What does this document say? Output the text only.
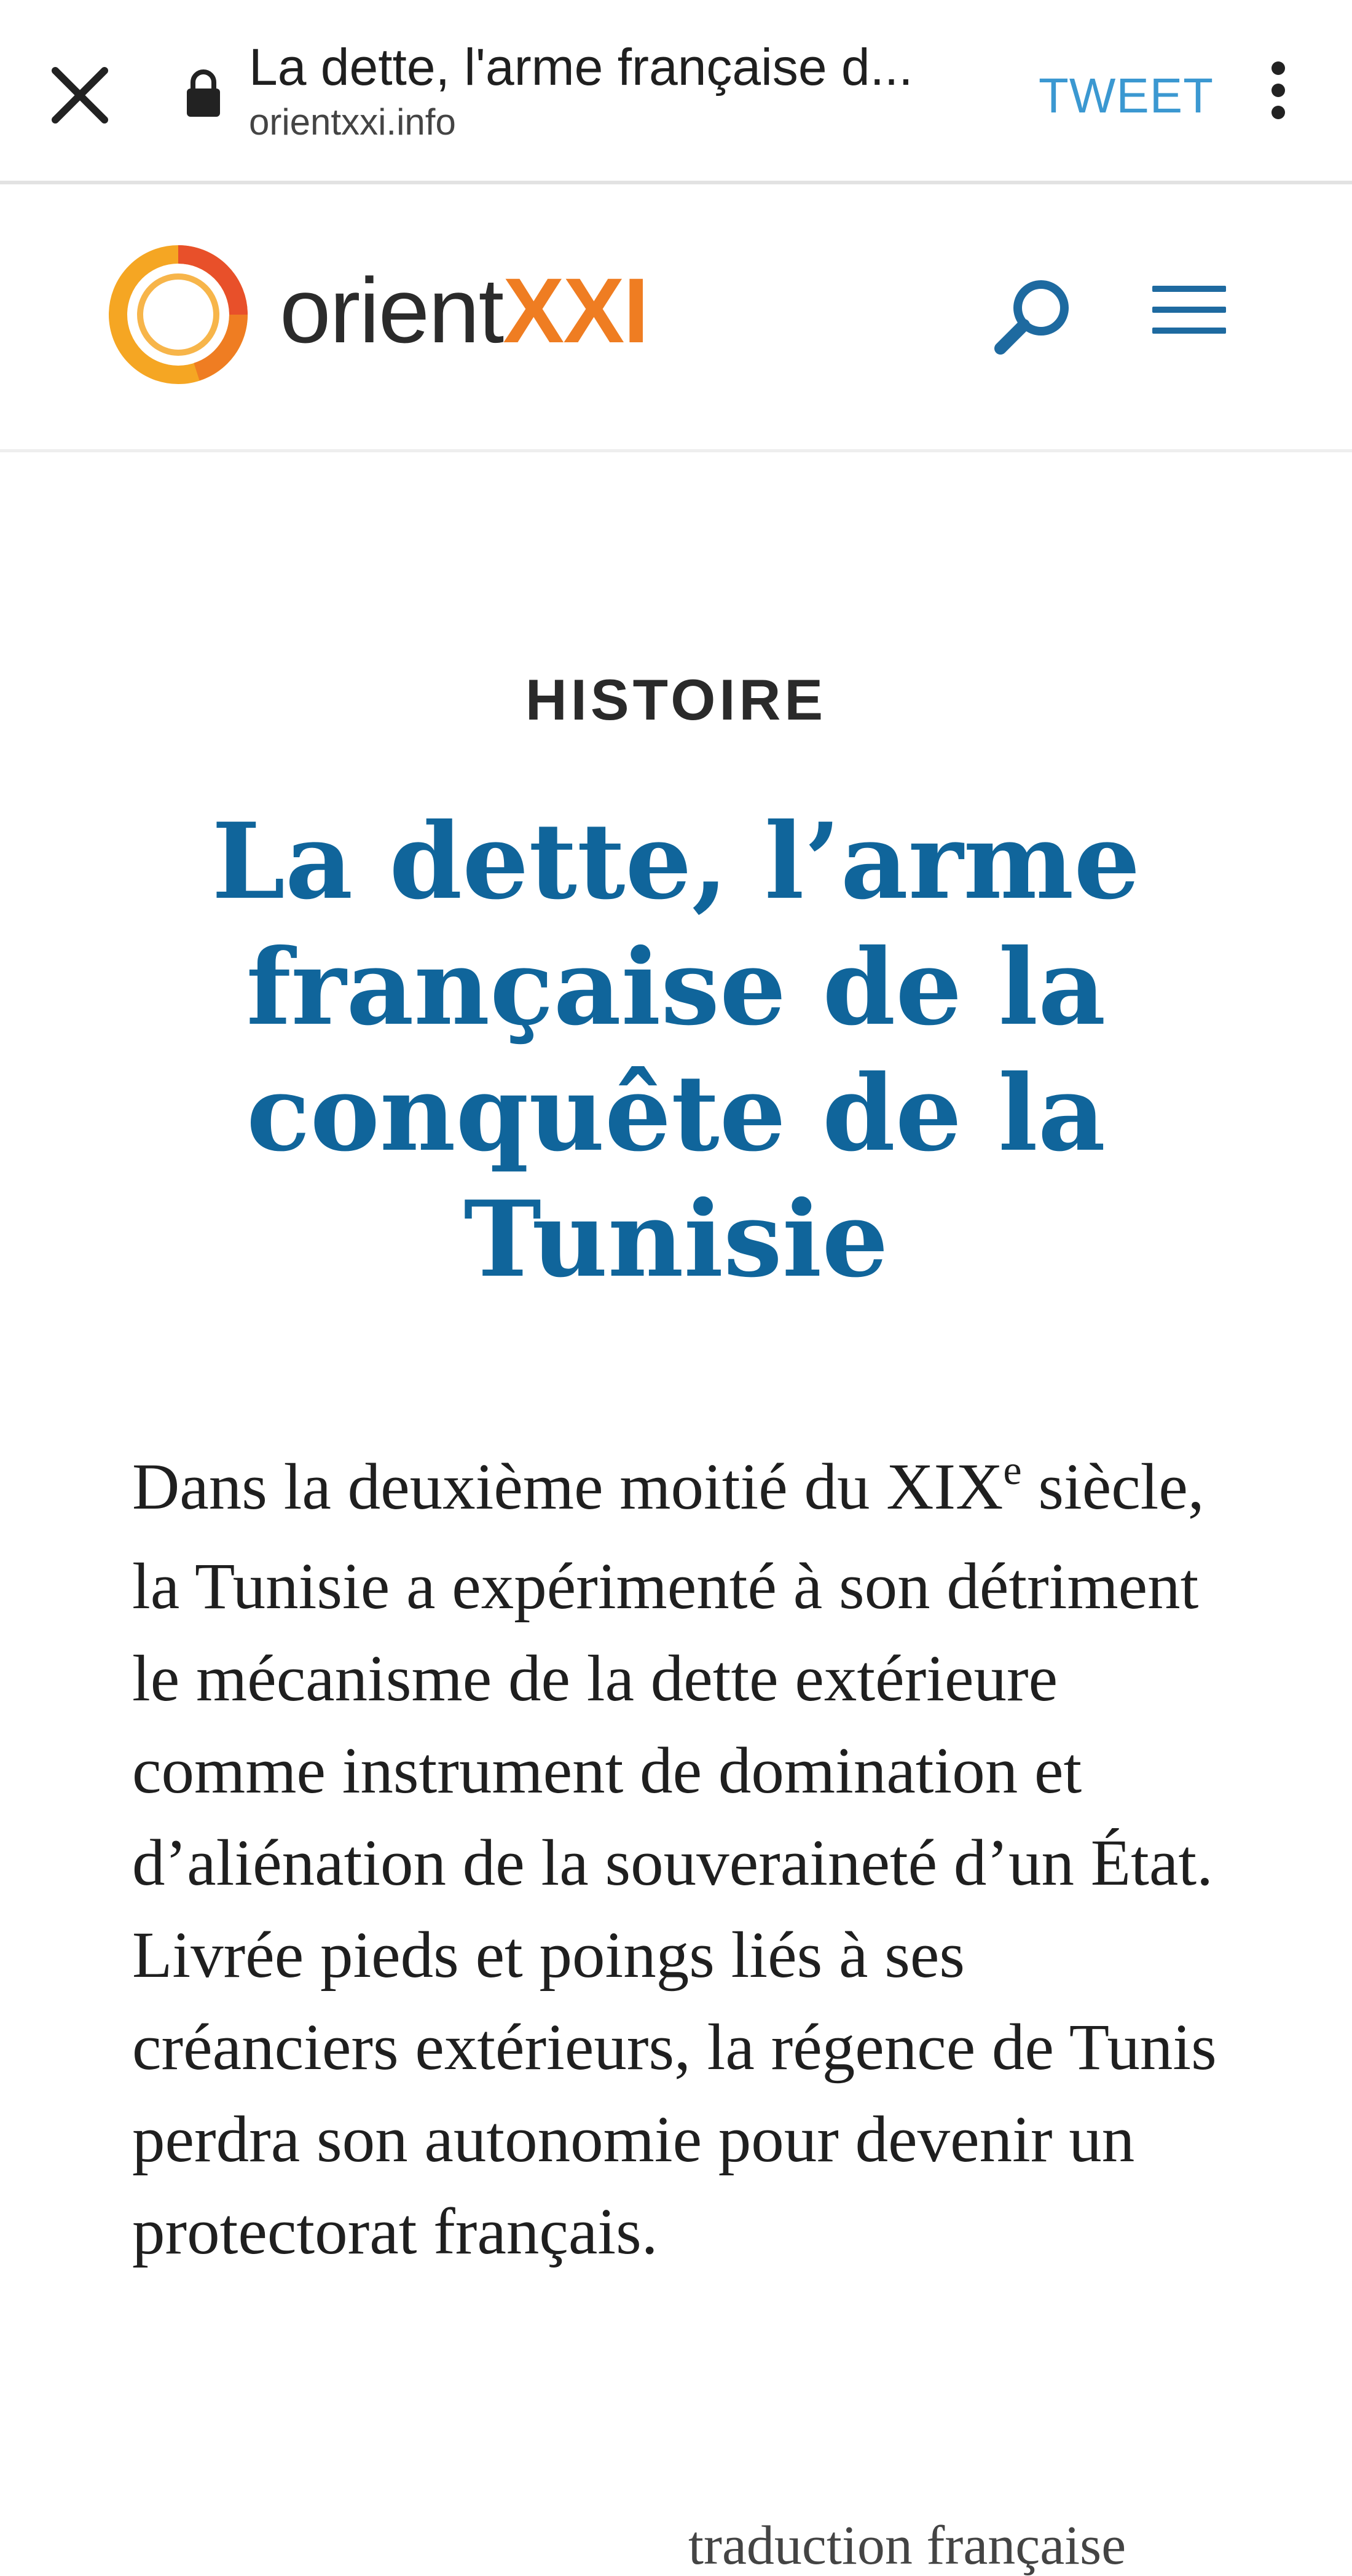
La dette, l'arme française d...
orientxxi.info	TWEET
orientXXI
HISTOIRE
La dette, l’arme française de la conquête de la Tunisie

Dans la deuxième moitié du XIXe siècle, la Tunisie a expérimenté à son détriment le mécanisme de la dette extérieure comme instrument de domination et d’aliénation de la souveraineté d’un État. Livrée pieds et poings liés à ses créanciers extérieurs, la régence de Tunis perdra son autonomie pour devenir un protectorat français.

traduction française
